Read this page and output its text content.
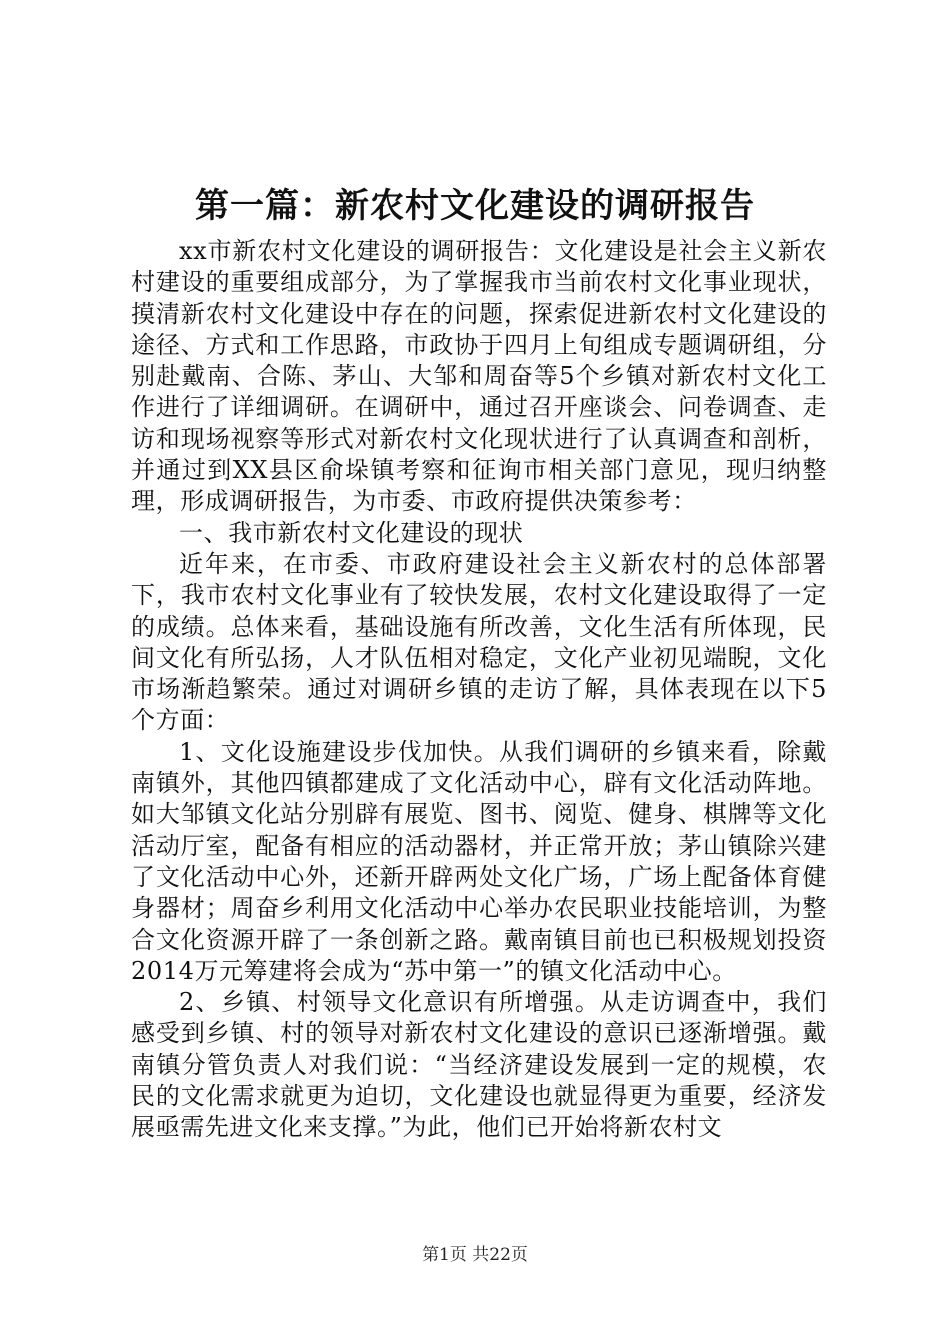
第一篇：新农村文化建设的调研报告

xx市新农村文化建设的调研报告：文化建设是社会主义新农村建设的重要组成部分，为了掌握我市当前农村文化事业现状，摸清新农村文化建设中存在的问题，探索促进新农村文化建设的途径、方式和工作思路，市政协于四月上旬组成专题调研组，分别赴戴南、合陈、茅山、大邹和周奋等5个乡镇对新农村文化工作进行了详细调研。在调研中，通过召开座谈会、问卷调查、走访和现场视察等形式对新农村文化现状进行了认真调查和剖析，并通过到XX县区俞垛镇考察和征询市相关部门意见，现归纳整理，形成调研报告，为市委、市政府提供决策参考：

一、我市新农村文化建设的现状

近年来，在市委、市政府建设社会主义新农村的总体部署下，我市农村文化事业有了较快发展，农村文化建设取得了一定的成绩。总体来看，基础设施有所改善，文化生活有所体现，民间文化有所弘扬，人才队伍相对稳定，文化产业初见端睨，文化市场渐趋繁荣。通过对调研乡镇的走访了解，具体表现在以下5个方面：

1、文化设施建设步伐加快。从我们调研的乡镇来看，除戴南镇外，其他四镇都建成了文化活动中心，辟有文化活动阵地。如大邹镇文化站分别辟有展览、图书、阅览、健身、棋牌等文化活动厅室，配备有相应的活动器材，并正常开放；茅山镇除兴建了文化活动中心外，还新开辟两处文化广场，广场上配备体育健身器材；周奋乡利用文化活动中心举办农民职业技能培训，为整合文化资源开辟了一条创新之路。戴南镇目前也已积极规划投资2014万元筹建将会成为“苏中第一”的镇文化活动中心。

2、乡镇、村领导文化意识有所增强。从走访调查中，我们感受到乡镇、村的领导对新农村文化建设的意识已逐渐增强。戴南镇分管负责人对我们说：“当经济建设发展到一定的规模，农民的文化需求就更为迫切，文化建设也就显得更为重要，经济发展亟需先进文化来支撑。”为此，他们已开始将新农村文

第1页 共22页
